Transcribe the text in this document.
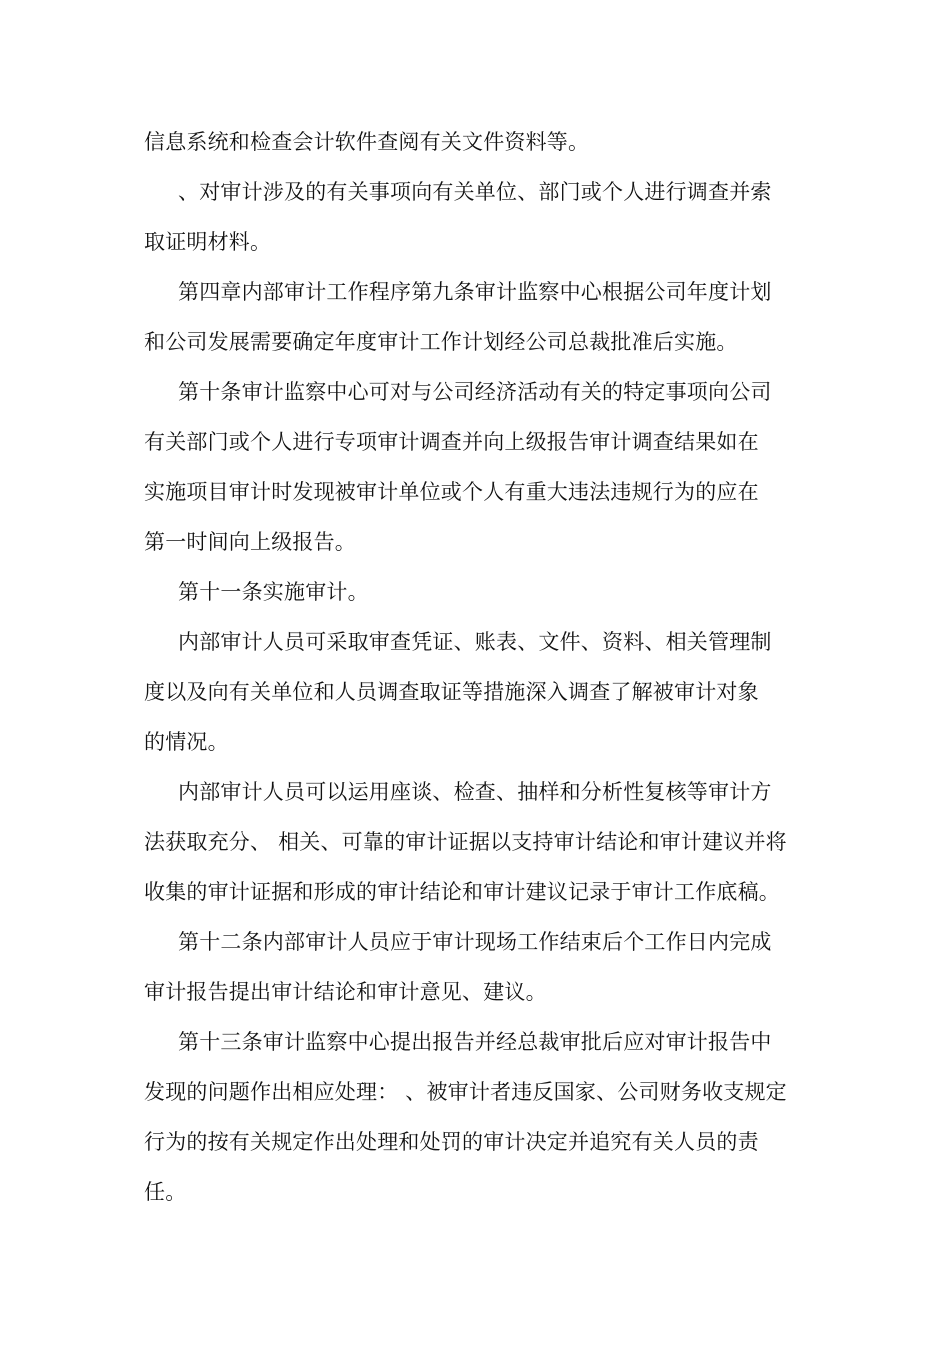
信息系统和检查会计软件查阅有关文件资料等。

、对审计涉及的有关事项向有关单位、部门或个人进行调查并索

取证明材料。

第四章内部审计工作程序第九条审计监察中心根据公司年度计划

和公司发展需要确定年度审计工作计划经公司总裁批准后实施。

第十条审计监察中心可对与公司经济活动有关的特定事项向公司

有关部门或个人进行专项审计调查并向上级报告审计调查结果如在

实施项目审计时发现被审计单位或个人有重大违法违规行为的应在

第一时间向上级报告。

第十一条实施审计。

内部审计人员可采取审查凭证、账表、文件、资料、相关管理制

度以及向有关单位和人员调查取证等措施深入调查了解被审计对象

的情况。

内部审计人员可以运用座谈、检查、抽样和分析性复核等审计方

法获取充分、 相关、可靠的审计证据以支持审计结论和审计建议并将

收集的审计证据和形成的审计结论和审计建议记录于审计工作底稿。

第十二条内部审计人员应于审计现场工作结束后个工作日内完成

审计报告提出审计结论和审计意见、建议。

第十三条审计监察中心提出报告并经总裁审批后应对审计报告中

发现的问题作出相应处理： 、被审计者违反国家、公司财务收支规定

行为的按有关规定作出处理和处罚的审计决定并追究有关人员的责

任。
